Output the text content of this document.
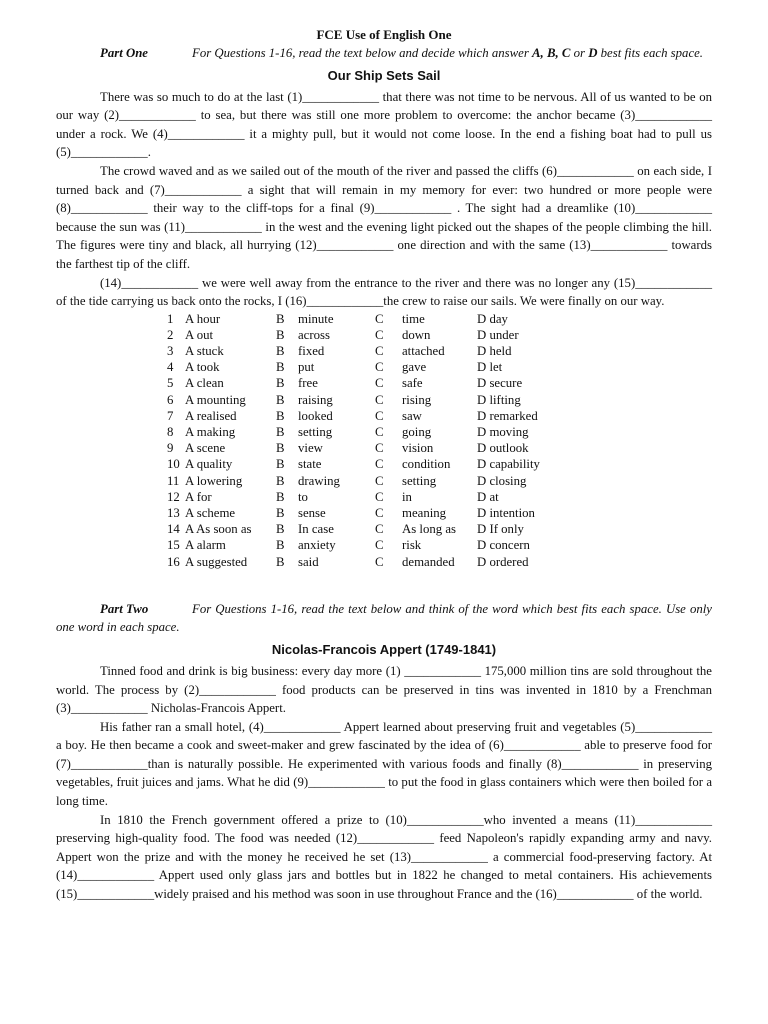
FCE Use of English One
Part One	For Questions 1-16, read the text below and decide which answer A, B, C or D best fits each space.
Our Ship Sets Sail

There was so much to do at the last (1)____________ that there was not time to be nervous. All of us wanted to be on our way (2)____________ to sea, but there was still one more problem to overcome: the anchor became (3)____________ under a rock. We (4)____________ it a mighty pull, but it would not come loose. In the end a fishing boat had to pull us (5)____________.

The crowd waved and as we sailed out of the mouth of the river and passed the cliffs (6)____________ on each side, I turned back and (7)____________ a sight that will remain in my memory for ever: two hundred or more people were (8)____________ their way to the cliff-tops for a final (9)____________ . The sight had a dreamlike (10)____________ because the sun was (11)____________ in the west and the evening light picked out the shapes of the people climbing the hill. The figures were tiny and black, all hurrying (12)____________ one direction and with the same (13)____________ towards the farthest tip of the cliff.

(14)____________ we were well away from the entrance to the river and there was no longer any (15)____________ of the tide carrying us back onto the rocks, I (16)____________the crew to raise our sails. We were finally on our way.

1 A hour	B minute	C time	D day
2 A out	B across	C down	D under
3 A stuck	B fixed	C attached	D held
4 A took	B put	C gave	D let
5 A clean	B free	C safe	D secure
6 A mounting B raising	C rising	D lifting
7 A realised	B looked	C saw	D remarked
8 A making	B setting	C going	D moving
9 A scene	B view	C vision	D outlook
10 A quality	B state	C condition D capability
11 A lowering	B drawing	C setting	D closing
12 A for	B to	C in	D at
13 A scheme	B sense	C meaning D intention
14 A As soon as B In case	C As long as D If only
15 A alarm	B anxiety	C risk	D concern
16 A suggested B said	C demanded D ordered
Part Two	For Questions 1-16, read the text below and think of the word which best fits each space. Use only one word in each space.
Nicolas-Francois Appert (1749-1841)

Tinned food and drink is big business: every day more (1) ____________ 175,000 million tins are sold throughout the world. The process by (2)____________ food products can be preserved in tins was invented in 1810 by a Frenchman (3)____________ Nicholas-Francois Appert.

His father ran a small hotel, (4)____________ Appert learned about preserving fruit and vegetables (5)____________ a boy. He then became a cook and sweet-maker and grew fascinated by the idea of (6)____________ able to preserve food for (7)____________than is naturally possible. He experimented with various foods and finally (8)____________ in preserving vegetables, fruit juices and jams. What he did (9)____________ to put the food in glass containers which were then boiled for a long time.

In 1810 the French government offered a prize to (10)____________who invented a means (11)____________ preserving high-quality food. The food was needed (12)____________ feed Napoleon's rapidly expanding army and navy. Appert won the prize and with the money he received he set (13)____________ a commercial food-preserving factory. At (14)____________ Appert used only glass jars and bottles but in 1822 he changed to metal containers. His achievements (15)____________widely praised and his method was soon in use throughout France and the (16)____________ of the world.
